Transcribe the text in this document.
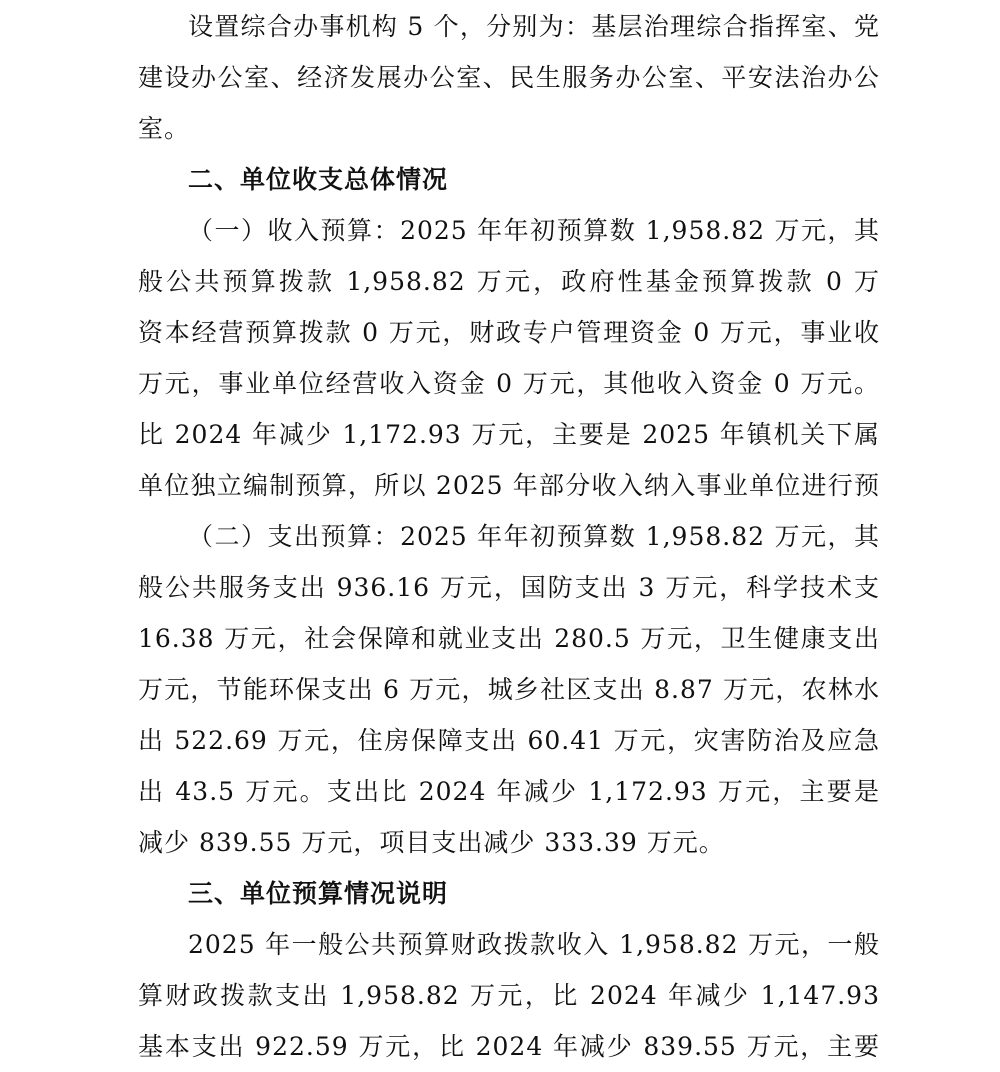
设置综合办事机构 5 个，分别为：基层治理综合指挥室、党
建设办公室、经济发展办公室、民生服务办公室、平安法治办公
室。
二、单位收支总体情况
（一）收入预算：2025 年年初预算数 1,958.82 万元，其
般公共预算拨款 1,958.82 万元，政府性基金预算拨款 0 万
资本经营预算拨款 0 万元，财政专户管理资金 0 万元，事业收
万元，事业单位经营收入资金 0 万元，其他收入资金 0 万元。
比 2024 年减少 1,172.93 万元，主要是 2025 年镇机关下属
单位独立编制预算，所以 2025 年部分收入纳入事业单位进行预
（二）支出预算：2025 年年初预算数 1,958.82 万元，其
般公共服务支出 936.16 万元，国防支出 3 万元，科学技术支
16.38 万元，社会保障和就业支出 280.5 万元，卫生健康支出
万元，节能环保支出 6 万元，城乡社区支出 8.87 万元，农林水
出 522.69 万元，住房保障支出 60.41 万元，灾害防治及应急
出 43.5 万元。支出比 2024 年减少 1,172.93 万元，主要是
减少 839.55 万元，项目支出减少 333.39 万元。
三、单位预算情况说明
2025 年一般公共预算财政拨款收入 1,958.82 万元，一般
算财政拨款支出 1,958.82 万元，比 2024 年减少 1,147.93
基本支出 922.59 万元，比 2024 年减少 839.55 万元，主要
